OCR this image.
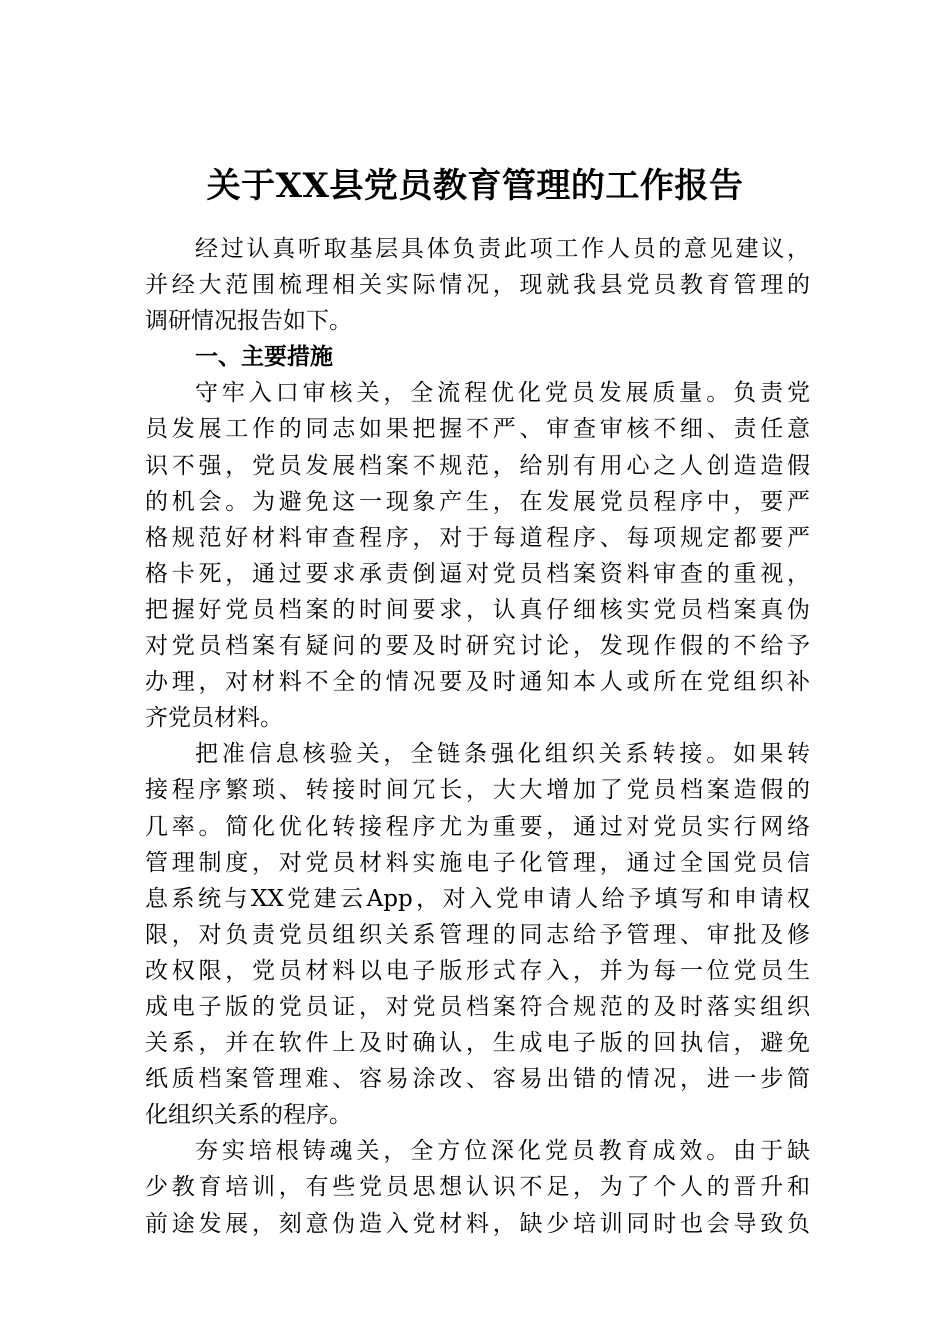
关于XX县党员教育管理的工作报告
经过认真听取基层具体负责此项工作人员的意见建议，
并经大范围梳理相关实际情况，现就我县党员教育管理的
调研情况报告如下。
一、主要措施
守牢入口审核关，全流程优化党员发展质量。负责党
员发展工作的同志如果把握不严、审查审核不细、责任意
识不强，党员发展档案不规范，给别有用心之人创造造假
的机会。为避免这一现象产生，在发展党员程序中，要严
格规范好材料审查程序，对于每道程序、每项规定都要严
格卡死，通过要求承责倒逼对党员档案资料审查的重视，
把握好党员档案的时间要求，认真仔细核实党员档案真伪
对党员档案有疑问的要及时研究讨论，发现作假的不给予
办理，对材料不全的情况要及时通知本人或所在党组织补
齐党员材料。
把准信息核验关，全链条强化组织关系转接。如果转
接程序繁琐、转接时间冗长，大大增加了党员档案造假的
几率。简化优化转接程序尤为重要，通过对党员实行网络
管理制度，对党员材料实施电子化管理，通过全国党员信
息系统与XX党建云App，对入党申请人给予填写和申请权
限，对负责党员组织关系管理的同志给予管理、审批及修
改权限，党员材料以电子版形式存入，并为每一位党员生
成电子版的党员证，对党员档案符合规范的及时落实组织
关系，并在软件上及时确认，生成电子版的回执信，避免
纸质档案管理难、容易涂改、容易出错的情况，进一步简
化组织关系的程序。
夯实培根铸魂关，全方位深化党员教育成效。由于缺
少教育培训，有些党员思想认识不足，为了个人的晋升和
前途发展，刻意伪造入党材料，缺少培训同时也会导致负
